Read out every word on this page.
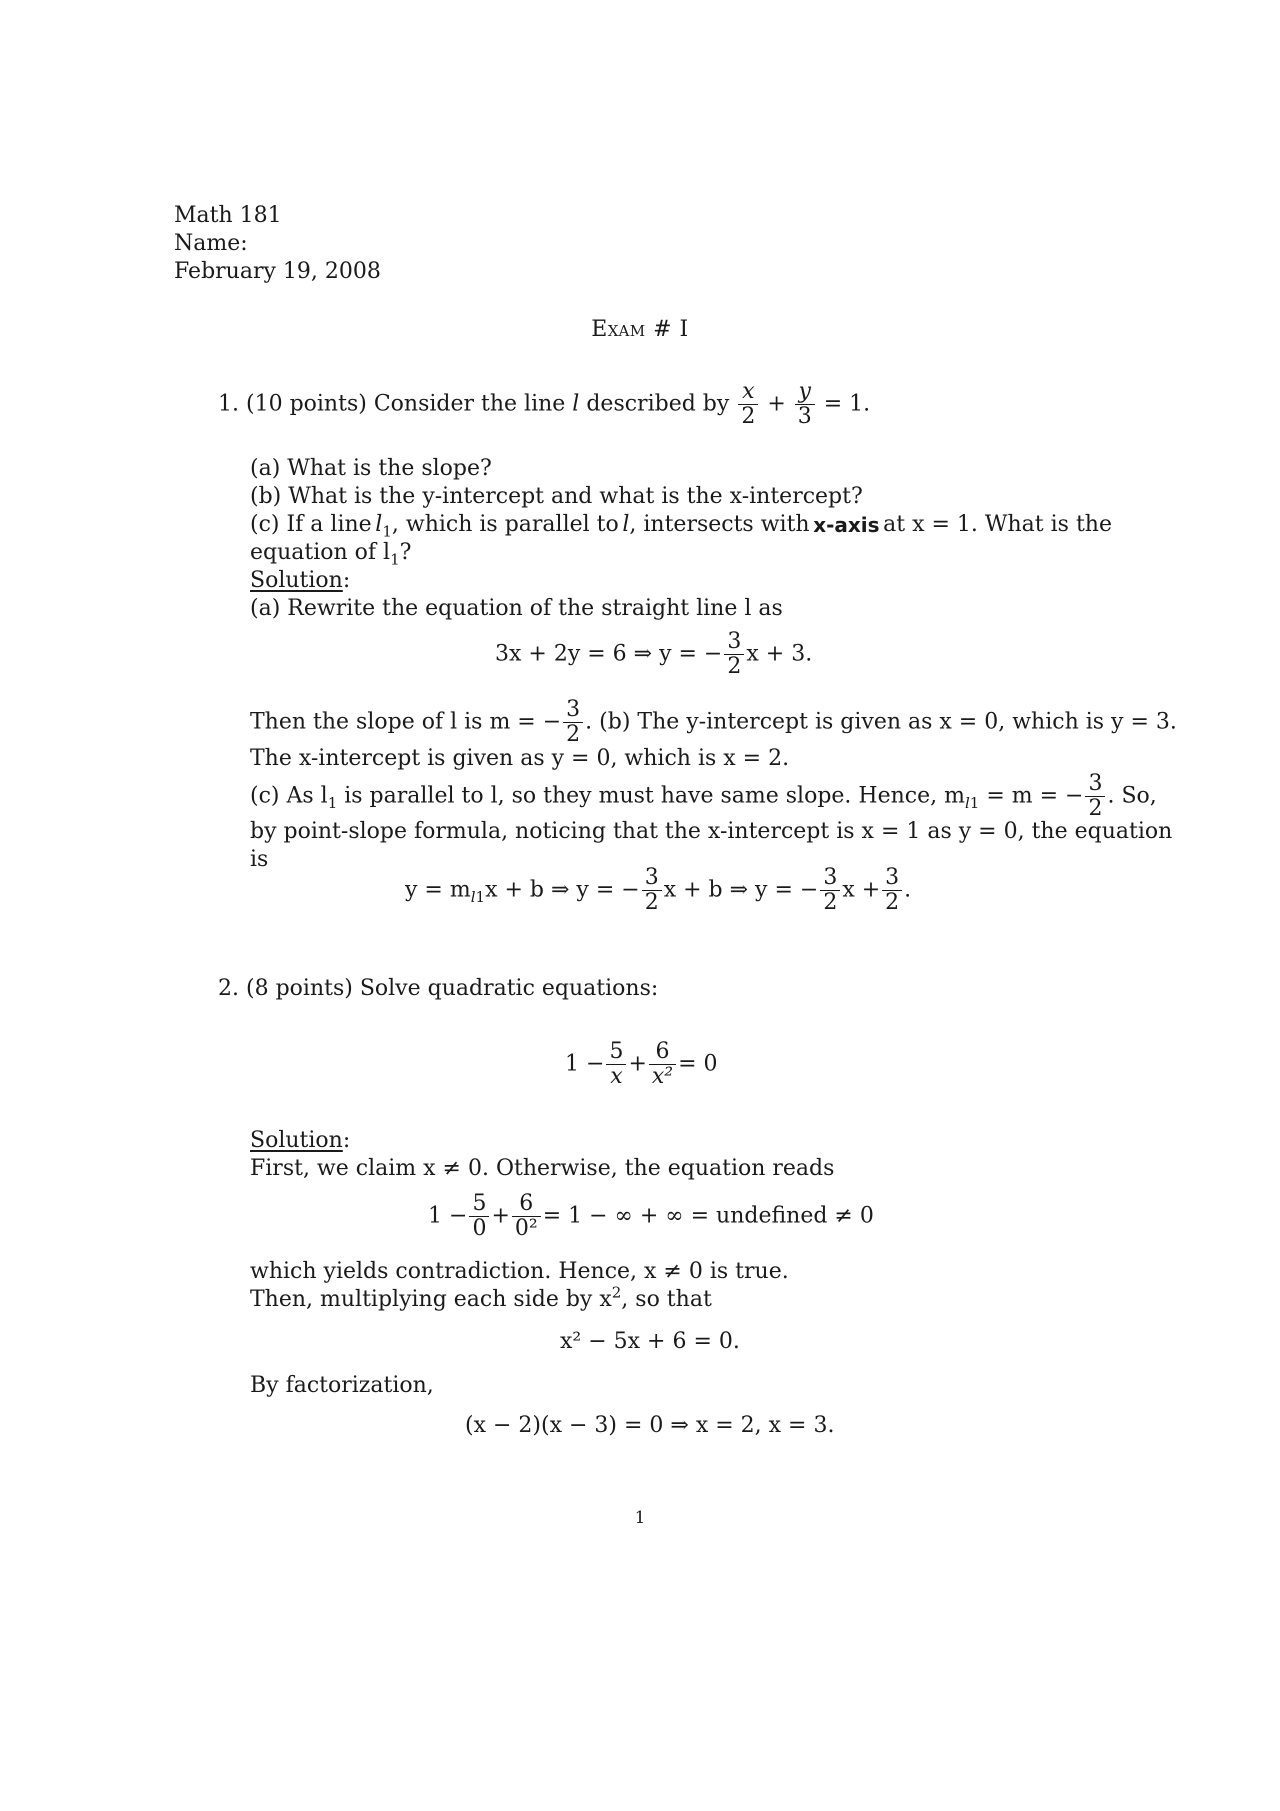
Math 181
Name:
February 19, 2008
Exam # I
1. (10 points) Consider the line l described by $\frac{x}{2} + \frac{y}{3} = 1$.
(a) What is the slope?
(b) What is the y-intercept and what is the x-intercept?
(c) If a line $l_1$, which is parallel to l, intersects with x-axis at x = 1. What is the
equation of $l_1$?
Solution:
(a) Rewrite the equation of the straight line l as
3x + 2y = 6 ⇒ y = − $\frac{3}{2}$ x + 3.
Then the slope of l is m = − $\frac{3}{2}$ . (b) The y-intercept is given as x = 0, which is y = 3.
The x-intercept is given as y = 0, which is x = 2.
(c) As $l_1$ is parallel to l, so they must have same slope. Hence, $m_{l1} = m$ = − $\frac{3}{2}$ . So,
by point-slope formula, noticing that the x-intercept is x = 1 as y = 0, the equation
is
$y = m_{l1}x + b$ ⇒ y = − $\frac{3}{2}$ x + b ⇒ y = − $\frac{3}{2}$ $x + \frac{3}{2}$ .
2. (8 points) Solve quadratic equations:
$1 - \frac{5}{x} + \frac{6}{\text{x²}} = 0$
Solution:
First, we claim x ≠ 0. Otherwise, the equation reads
$1 - \frac{5}{0} + \frac{6}{\text{0²}} = 1$ − ∞ + ∞ = undefined ≠ 0
which yields contradiction. Hence, x ≠ 0 is true.
Then, multiplying each side by $x^2$, so that
x² − 5x + 6 = 0.
By factorization,
(x − 2)(x − 3) = 0 ⇒ x = 2, x = 3.
1
